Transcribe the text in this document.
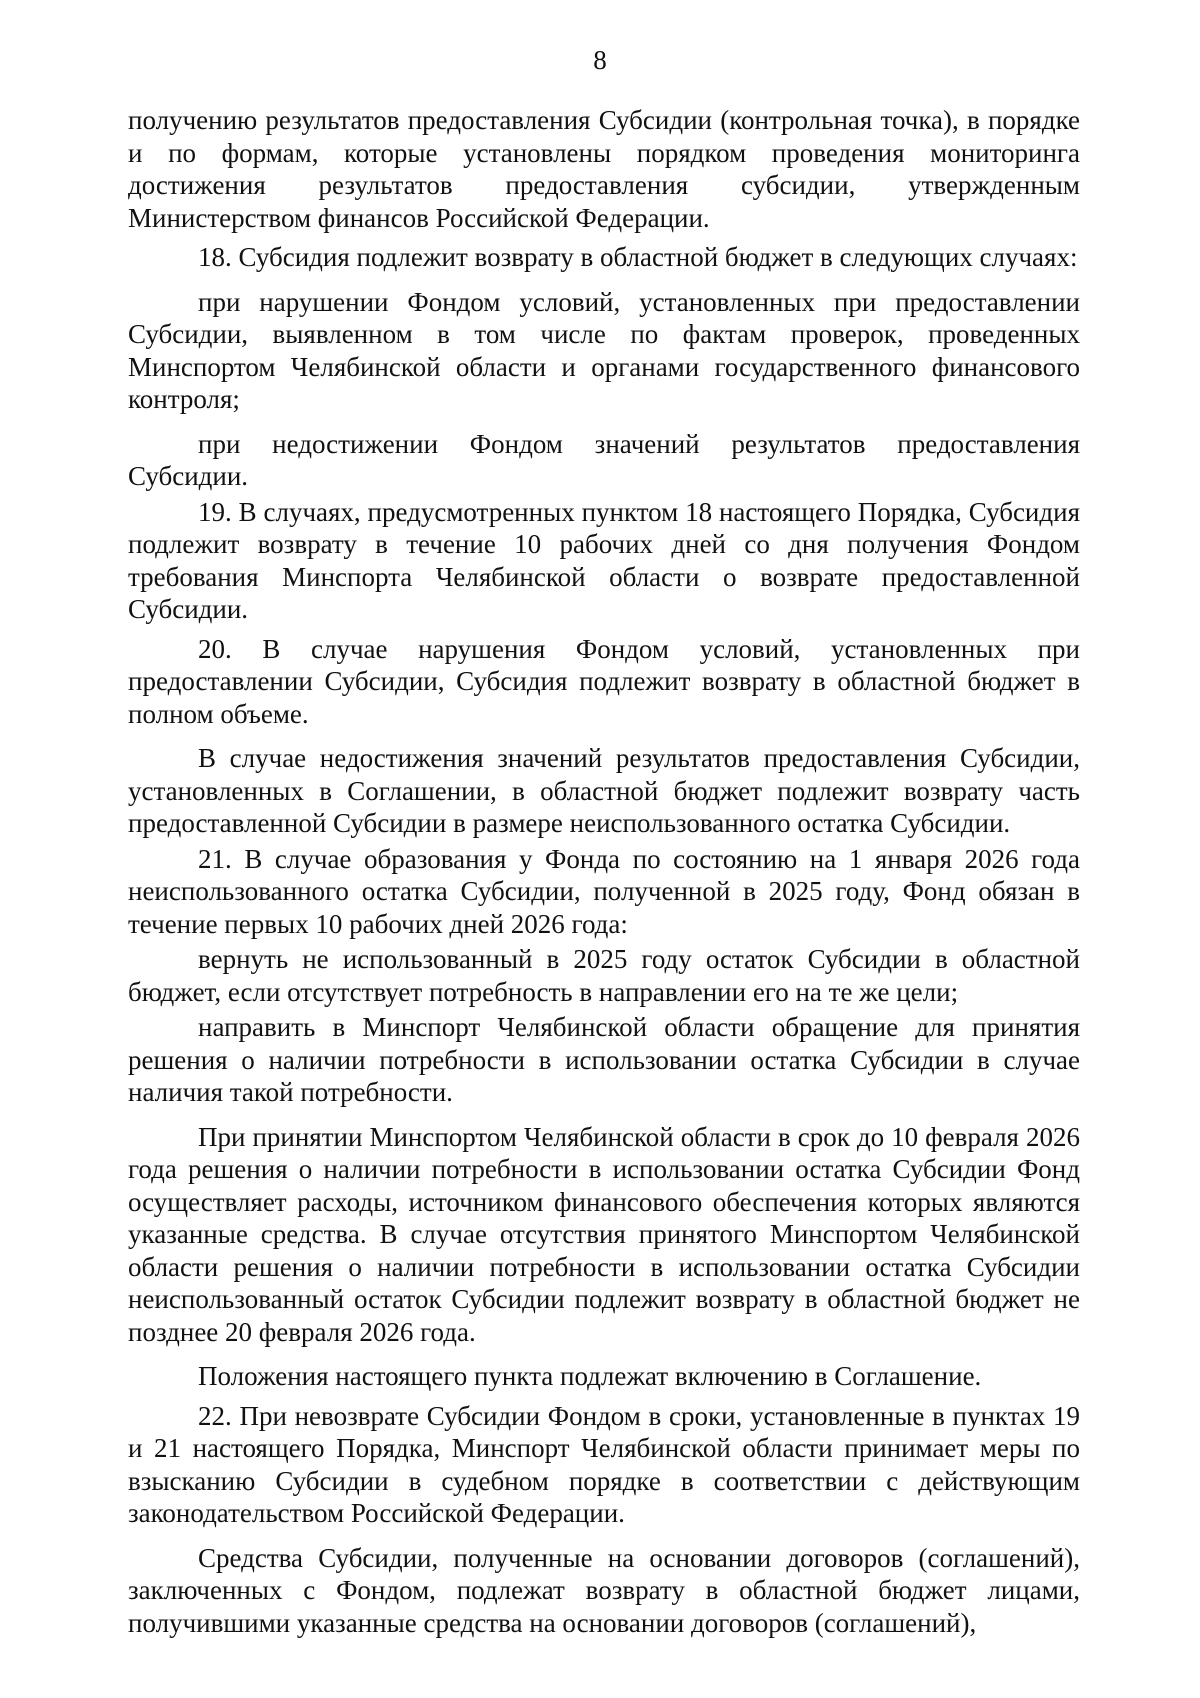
8

получению результатов предоставления Субсидии (контрольная точка), в порядке и по формам, которые установлены порядком проведения мониторинга достижения результатов предоставления субсидии, утвержденным Министерством финансов Российской Федерации.

18. Субсидия подлежит возврату в областной бюджет в следующих случаях:

при нарушении Фондом условий, установленных при предоставлении Субсидии, выявленном в том числе по фактам проверок, проведенных Минспортом Челябинской области и органами государственного финансового контроля;

при недостижении Фондом значений результатов предоставления Субсидии.

19. В случаях, предусмотренных пунктом 18 настоящего Порядка, Субсидия подлежит возврату в течение 10 рабочих дней со дня получения Фондом требования Минспорта Челябинской области о возврате предоставленной Субсидии.

20. В случае нарушения Фондом условий, установленных при предоставлении Субсидии, Субсидия подлежит возврату в областной бюджет в полном объеме.

В случае недостижения значений результатов предоставления Субсидии, установленных в Соглашении, в областной бюджет подлежит возврату часть предоставленной Субсидии в размере неиспользованного остатка Субсидии.

21. В случае образования у Фонда по состоянию на 1 января 2026 года неиспользованного остатка Субсидии, полученной в 2025 году, Фонд обязан в течение первых 10 рабочих дней 2026 года:

вернуть не использованный в 2025 году остаток Субсидии в областной бюджет, если отсутствует потребность в направлении его на те же цели;

направить в Минспорт Челябинской области обращение для принятия решения о наличии потребности в использовании остатка Субсидии в случае наличия такой потребности.

При принятии Минспортом Челябинской области в срок до 10 февраля 2026 года решения о наличии потребности в использовании остатка Субсидии Фонд осуществляет расходы, источником финансового обеспечения которых являются указанные средства. В случае отсутствия принятого Минспортом Челябинской области решения о наличии потребности в использовании остатка Субсидии неиспользованный остаток Субсидии подлежит возврату в областной бюджет не позднее 20 февраля 2026 года.

Положения настоящего пункта подлежат включению в Соглашение.

22. При невозврате Субсидии Фондом в сроки, установленные в пунктах 19 и 21 настоящего Порядка, Минспорт Челябинской области принимает меры по взысканию Субсидии в судебном порядке в соответствии с действующим законодательством Российской Федерации.

Средства Субсидии, полученные на основании договоров (соглашений), заключенных с Фондом, подлежат возврату в областной бюджет лицами, получившими указанные средства на основании договоров (соглашений),
